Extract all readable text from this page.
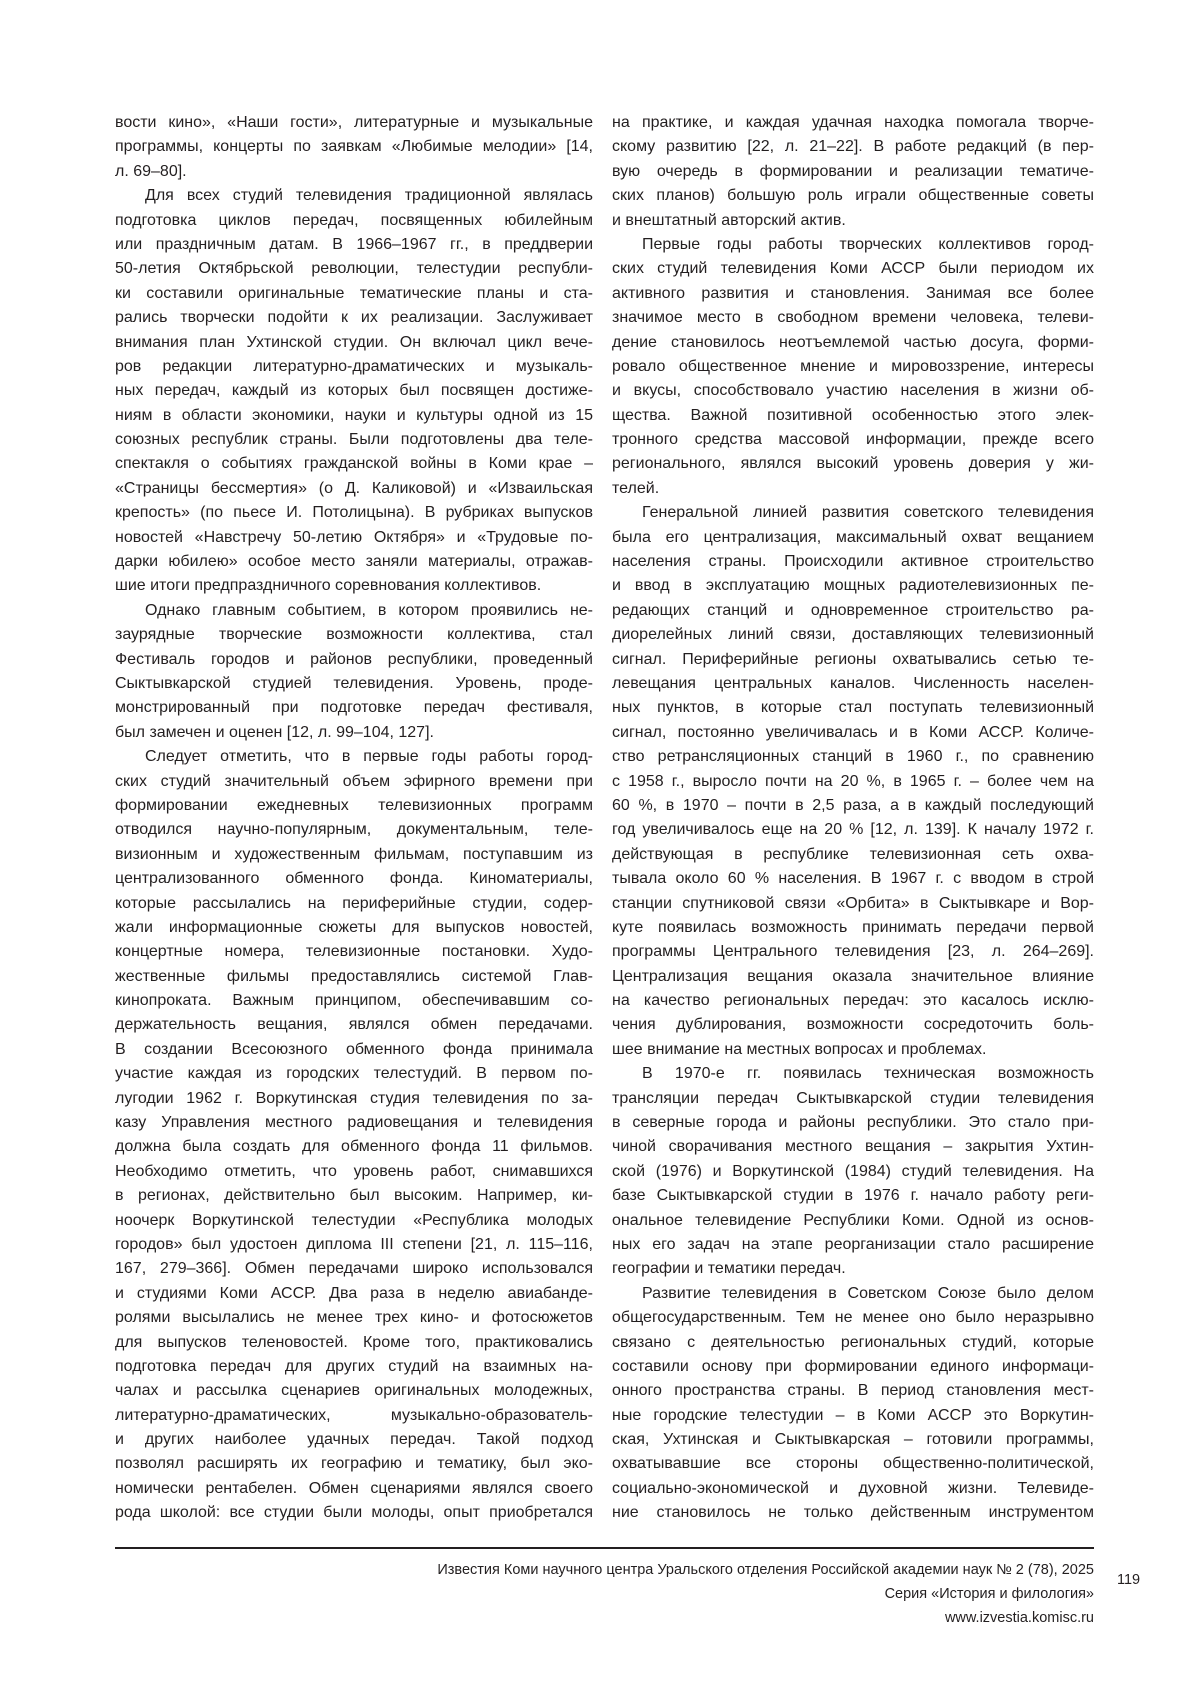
вости кино», «Наши гости», литературные и музыкальные
программы, концерты по заявкам «Любимые мелодии» [14,
л. 69–80].
Для всех студий телевидения традиционной являлась
подготовка циклов передач, посвященных юбилейным
или праздничным датам. В 1966–1967 гг., в преддверии
50-летия Октябрьской революции, телестудии республи-
ки составили оригинальные тематические планы и ста-
рались творчески подойти к их реализации. Заслуживает
внимания план Ухтинской студии. Он включал цикл вече-
ров редакции литературно-драматических и музыкаль-
ных передач, каждый из которых был посвящен достиже-
ниям в области экономики, науки и культуры одной из 15
союзных республик страны. Были подготовлены два теле-
спектакля о событиях гражданской войны в Коми крае –
«Страницы бессмертия» (о Д. Каликовой) и «Изваильская
крепость» (по пьесе И. Потолицына). В рубриках выпусков
новостей «Навстречу 50-летию Октября» и «Трудовые по-
дарки юбилею» особое место заняли материалы, отражав-
шие итоги предпраздничного соревнования коллективов.
Однако главным событием, в котором проявились не-
заурядные творческие возможности коллектива, стал
Фестиваль городов и районов республики, проведенный
Сыктывкарской студией телевидения. Уровень, проде-
монстрированный при подготовке передач фестиваля,
был замечен и оценен [12, л. 99–104, 127].
Следует отметить, что в первые годы работы город-
ских студий значительный объем эфирного времени при
формировании ежедневных телевизионных программ
отводился научно-популярным, документальным, теле-
визионным и художественным фильмам, поступавшим из
централизованного обменного фонда. Киноматериалы,
которые рассылались на периферийные студии, содер-
жали информационные сюжеты для выпусков новостей,
концертные номера, телевизионные постановки. Худо-
жественные фильмы предоставлялись системой Глав-
кинопроката. Важным принципом, обеспечивавшим со-
держательность вещания, являлся обмен передачами.
В создании Всесоюзного обменного фонда принимала
участие каждая из городских телестудий. В первом по-
лугодии 1962 г. Воркутинская студия телевидения по за-
казу Управления местного радиовещания и телевидения
должна была создать для обменного фонда 11 фильмов.
Необходимо отметить, что уровень работ, снимавшихся
в регионах, действительно был высоким. Например, ки-
ноочерк Воркутинской телестудии «Республика молодых
городов» был удостоен диплома III степени [21, л. 115–116,
167, 279–366]. Обмен передачами широко использовался
и студиями Коми АССР. Два раза в неделю авиабанде-
ролями высылались не менее трех кино- и фотосюжетов
для выпусков теленовостей. Кроме того, практиковались
подготовка передач для других студий на взаимных на-
чалах и рассылка сценариев оригинальных молодежных,
литературно-драматических, музыкально-образователь-
и других наиболее удачных передач. Такой подход
позволял расширять их географию и тематику, был эко-
номически рентабелен. Обмен сценариями являлся своего
рода школой: все студии были молоды, опыт приобретался
на практике, и каждая удачная находка помогала творче-
скому развитию [22, л. 21–22]. В работе редакций (в пер-
вую очередь в формировании и реализации тематиче-
ских планов) большую роль играли общественные советы
и внештатный авторский актив.
Первые годы работы творческих коллективов город-
ских студий телевидения Коми АССР были периодом их
активного развития и становления. Занимая все более
значимое место в свободном времени человека, телеви-
дение становилось неотъемлемой частью досуга, форми-
ровало общественное мнение и мировоззрение, интересы
и вкусы, способствовало участию населения в жизни об-
щества. Важной позитивной особенностью этого элек-
тронного средства массовой информации, прежде всего
регионального, являлся высокий уровень доверия у жи-
телей.
Генеральной линией развития советского телевидения
была его централизация, максимальный охват вещанием
населения страны. Происходили активное строительство
и ввод в эксплуатацию мощных радиотелевизионных пе-
редающих станций и одновременное строительство ра-
диорелейных линий связи, доставляющих телевизионный
сигнал. Периферийные регионы охватывались сетью те-
левещания центральных каналов. Численность населен-
ных пунктов, в которые стал поступать телевизионный
сигнал, постоянно увеличивалась и в Коми АССР. Количе-
ство ретрансляционных станций в 1960 г., по сравнению
с 1958 г., выросло почти на 20 %, в 1965 г. – более чем на
60 %, в 1970 – почти в 2,5 раза, а в каждый последующий
год увеличивалось еще на 20 % [12, л. 139]. К началу 1972 г.
действующая в республике телевизионная сеть охва-
тывала около 60 % населения. В 1967 г. с вводом в строй
станции спутниковой связи «Орбита» в Сыктывкаре и Вор-
куте появилась возможность принимать передачи первой
программы Центрального телевидения [23, л. 264–269].
Централизация вещания оказала значительное влияние
на качество региональных передач: это касалось исклю-
чения дублирования, возможности сосредоточить боль-
шее внимание на местных вопросах и проблемах.
В 1970-е гг. появилась техническая возможность
трансляции передач Сыктывкарской студии телевидения
в северные города и районы республики. Это стало при-
чиной сворачивания местного вещания – закрытия Ухтин-
ской (1976) и Воркутинской (1984) студий телевидения. На
базе Сыктывкарской студии в 1976 г. начало работу реги-
ональное телевидение Республики Коми. Одной из основ-
ных его задач на этапе реорганизации стало расширение
географии и тематики передач.
Развитие телевидения в Советском Союзе было делом
общегосударственным. Тем не менее оно было неразрывно
связано с деятельностью региональных студий, которые
составили основу при формировании единого информаци-
онного пространства страны. В период становления мест-
ные городские телестудии – в Коми АССР это Воркутин-
ская, Ухтинская и Сыктывкарская – готовили программы,
охватывавшие все стороны общественно-политической,
социально-экономической и духовной жизни. Телевиде-
ние становилось не только действенным инструментом
Известия Коми научного центра Уральского отделения Российской академии наук № 2 (78), 2025
Серия «История и филология»
www.izvestia.komisc.ru
119
